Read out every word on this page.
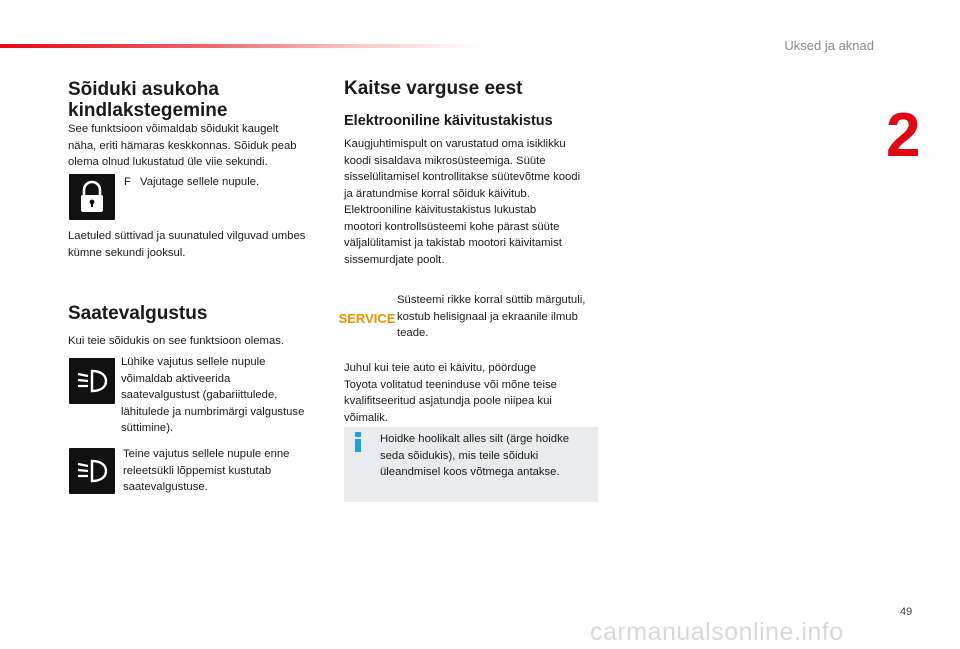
Uksed ja aknad
2
Sõiduki asukoha
kindlakstegemine
See funktsioon võimaldab sõidukit kaugelt
näha, eriti hämaras keskkonnas. Sõiduk peab
olema olnud lukustatud üle viie sekundi.
F Vajutage sellele nupule.
Laetuled süttivad ja suunatuled vilguvad umbes
kümne sekundi jooksul.
Saatevalgustus
Kui teie sõidukis on see funktsioon olemas.
Lühike vajutus sellele nupule
võimaldab aktiveerida
saatevalgustust (gabariittulede,
lähitulede ja numbrimärgi valgustuse
süttimine).
Teine vajutus sellele nupule enne
releetsükli lõppemist kustutab
saatevalgustuse.
Kaitse varguse eest
Elektrooniline käivitustakistus
Kaugjuhtimispult on varustatud oma isiklikku
koodi sisaldava mikrosüsteemiga. Süüte
sisselülitamisel kontrollitakse süütevõtme koodi
ja äratundmise korral sõiduk käivitub.
Elektrooniline käivitustakistus lukustab
mootori kontrollsüsteemi kohe pärast süüte
väljalülitamist ja takistab mootori käivitamist
sissemurdjate poolt.
SERVICE
Süsteemi rikke korral süttib märgutuli,
kostub helisignaal ja ekraanile ilmub
teade.
Juhul kui teie auto ei käivitu, pöörduge
Toyota volitatud teeninduse või mõne teise
kvalifitseeritud asjatundja poole niipea kui
võimalik.
Hoidke hoolikalt alles silt (ärge hoidke
seda sõidukis), mis teile sõiduki
üleandmisel koos võtmega antakse.
49
carmanualsonline.info
